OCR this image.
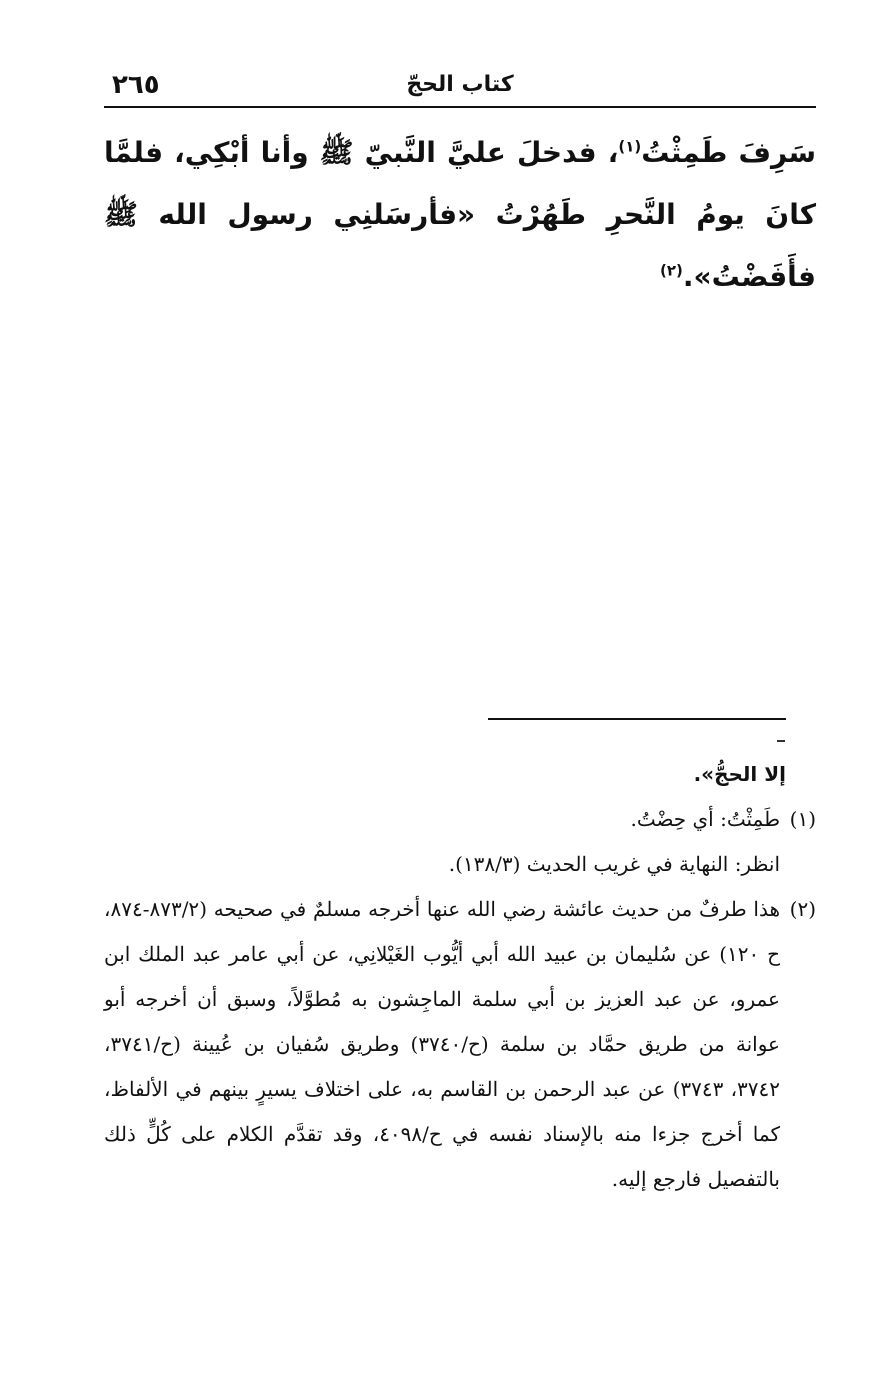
كتاب الحجّ
٢٦٥
سَرِفَ طَمِثْتُ$^{(١)}$، فدخلَ عليَّ النَّبيّ ﷺ وأنا أبْكِي، فلمَّا كانَ يومُ النَّحرِ طَهُرْتُ «فأرسَلنِي رسول الله ﷺ فأَفَضْتُ».$^{(٢)}$
إلا الحجُّ».
(١)
طَمِثْتُ: أي حِضْتُ.
انظر: النهاية في غريب الحديث (١٣٨/٣).
(٢)
هذا طرفٌ من حديث عائشة رضي الله عنها أخرجه مسلمٌ في صحيحه (٨٧٣/٢-٨٧٤، ح ١٢٠) عن سُليمان بن عبيد الله أبي أيُّوب الغَيْلانِي، عن أبي عامر عبد الملك ابن عمرو، عن عبد العزيز بن أبي سلمة الماجِشون به مُطوَّلاً، وسبق أن أخرجه أبو عوانة من طريق حمَّاد بن سلمة (ح/٣٧٤٠) وطريق سُفيان بن عُيينة (ح/٣٧٤١، ٣٧٤٢، ٣٧٤٣) عن عبد الرحمن بن القاسم به، على اختلاف يسيرٍ بينهم في الألفاظ، كما أخرج جزءا منه بالإسناد نفسه في ح/٤٠٩٨، وقد تقدَّم الكلام على كُلٍّ ذلك بالتفصيل فارجع إليه.
